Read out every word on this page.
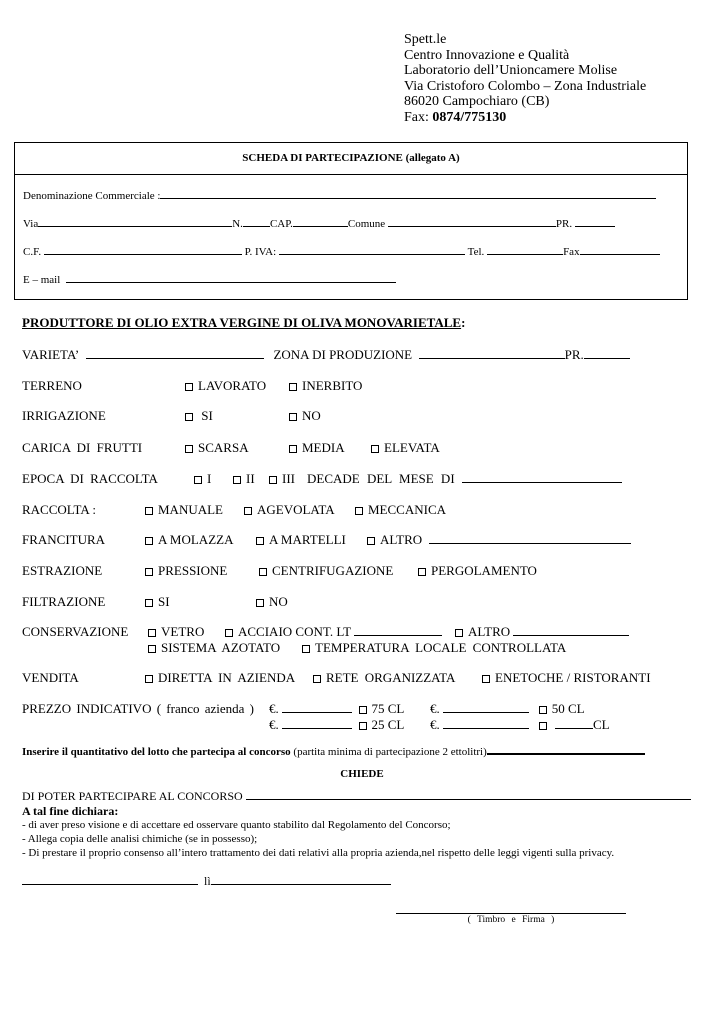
Spett.le
Centro Innovazione e Qualità
Laboratorio dell’Unioncamere Molise
Via Cristoforo Colombo – Zona Industriale
86020 Campochiaro (CB)
Fax: 0874/775130
SCHEDA DI PARTECIPAZIONE (allegato A)
Denominazione Commerciale :
Via	N. CAP.	Comune	PR.
C.F.	P. IVA:	Tel.	Fax
E – mail
PRODUTTORE DI OLIO EXTRA VERGINE DI OLIVA MONOVARIETALE:
VARIETA’	ZONA DI PRODUZIONE	PR.
TERRENO	LAVORATO	INERBITO
IRRIGAZIONE	SI	NO
CARICA DI FRUTTI	SCARSA	MEDIA	ELEVATA
EPOCA DI RACCOLTA	I	II	III DECADE DEL MESE DI
RACCOLTA :	MANUALE	AGEVOLATA	MECCANICA
FRANCITURA	A MOLAZZA	A MARTELLI	ALTRO
ESTRAZIONE	PRESSIONE	CENTRIFUGAZIONE	PERGOLAMENTO
FILTRAZIONE	SI	NO
CONSERVAZIONE	VETRO	ACCIAIO CONT. LT	ALTRO
SISTEMA AZOTATO	TEMPERATURA LOCALE CONTROLLATA
VENDITA	DIRETTA IN AZIENDA	RETE ORGANIZZATA	ENETOCHE / RISTORANTI
PREZZO INDICATIVO ( franco azienda ) €.	75 CL €.	50 CL
€.	25 CL €.	CL
Inserire il quantitativo del lotto che partecipa al concorso (partita minima di partecipazione 2 ettolitri)
CHIEDE
DI POTER PARTECIPARE AL CONCORSO
A tal fine dichiara:
- di aver preso visione e di accettare ed osservare quanto stabilito dal Regolamento del Concorso;
- Allega copia delle analisi chimiche (se in possesso);
- Di prestare il proprio consenso all’intero trattamento dei dati relativi alla propria azienda,nel rispetto delle leggi vigenti sulla privacy.
lì
( Timbro e Firma )
